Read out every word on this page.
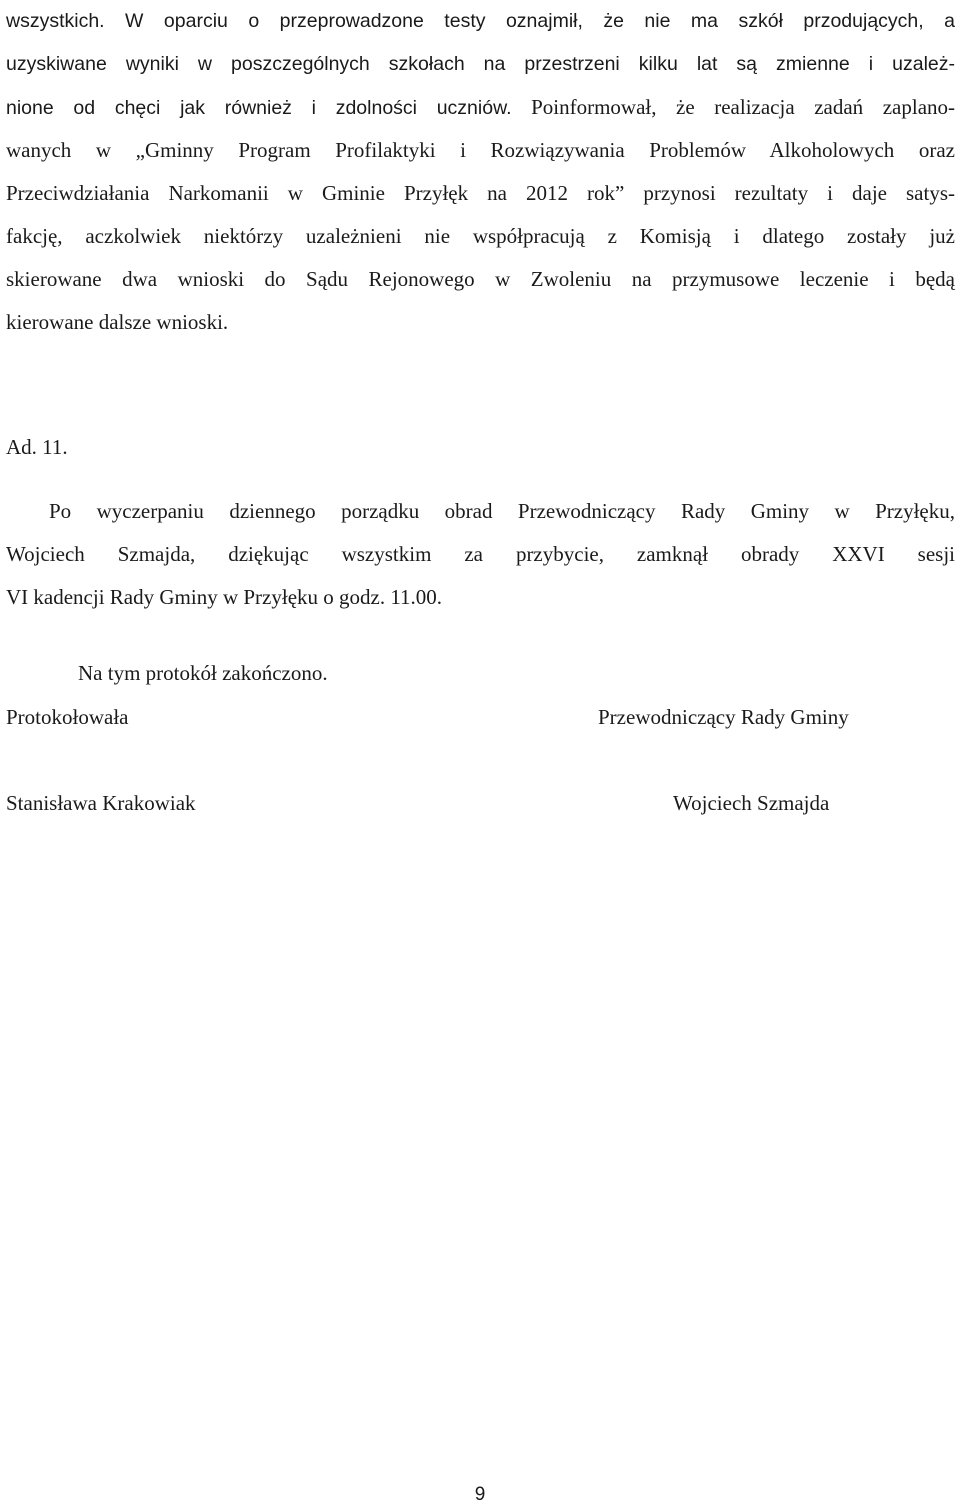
wszystkich. W oparciu o przeprowadzone testy oznajmił, że nie ma szkół przodujących, a
uzyskiwane wyniki w poszczególnych szkołach na przestrzeni kilku lat są zmienne i uzależ-
nione od chęci jak również i zdolności uczniów. Poinformował, że realizacja zadań zaplano-
wanych w „Gminny Program Profilaktyki i Rozwiązywania Problemów Alkoholowych oraz
Przeciwdziałania Narkomanii w Gminie Przyłęk na 2012 rok” przynosi rezultaty i daje satys-
fakcję, aczkolwiek niektórzy uzależnieni nie współpracują z Komisją i dlatego zostały już
skierowane dwa wnioski do Sądu Rejonowego w Zwoleniu na przymusowe leczenie i będą
kierowane dalsze wnioski.
Ad. 11.
Po wyczerpaniu dziennego porządku obrad Przewodniczący Rady Gminy w Przyłęku,
Wojciech Szmajda, dziękując wszystkim za przybycie, zamknął obrady XXVI sesji
VI kadencji Rady Gminy w Przyłęku o godz. 11.00.
Na tym protokół zakończono.
Protokołowała	Przewodniczący Rady Gminy
Stanisława Krakowiak	Wojciech Szmajda
9
